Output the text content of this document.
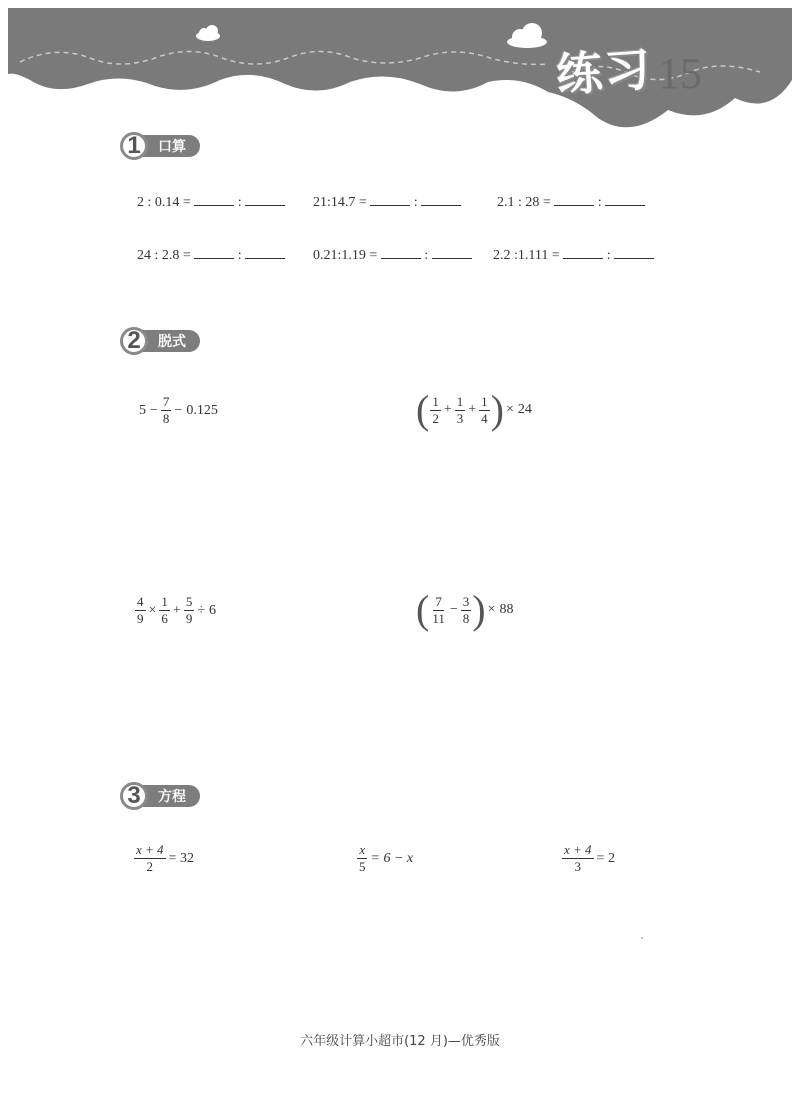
练习 15
1	口算
2 : 0.14 =	:	21:14.7 =	:	2.1 : 28 =	:
24 : 2.8 =	:	0.21:1.19 =	:	2.2 :1.111 =	:
2	脱式
$5 - \frac{7}{8} - 0.125$	( $\frac{1}{2} + \frac{1}{3} + \frac{1}{4}$ ) × 24
$\frac{4}{9} \times \frac{1}{6} + \frac{5}{9} \div 6$	( $\frac{7}{11} - \frac{3}{8}$ ) × 88
3	方程
$\frac{x + 4}{2} = 32$	$\frac{x}{5} = 6 - x$	$\frac{x + 4}{3} = 2$
六年级计算小超市(12 月)—优秀版
